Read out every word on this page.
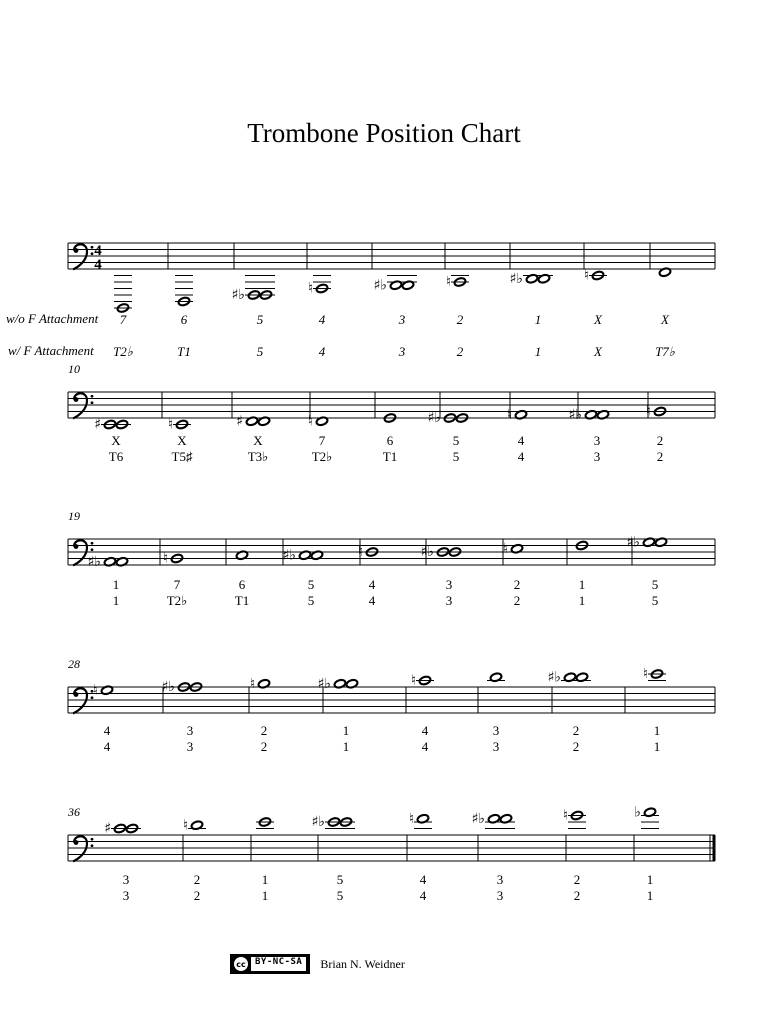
Trombone Position Chart
4
4
♯♭	♮	♯♭	♮	♯♭	♮
7	6	5	4	3	2	1	X	X
T2♭	T1	5	4	3	2	1	X	T7♭
10
♯	♮	♯	♮	♯♭	♮	♯♭	♮
X	X	X	7	6	5	4	3	2
T6	T5♯	T3♭	T2♭	T1	5	4	3	2
19
♯♭	♮	♯♭	♮	♯♭	♮	♯♭
1	7	6	5	4	3	2	1	5
1	T2♭	T1	5	4	3	2	1	5
28
♮	♯♭	♮	♯♭	♮	♯♭	♮
4	3	2	1	4	3	2	1
4	3	2	1	4	3	2	1
36
♯	♮	♯♭	♮	♯♭	♮	♭
3	2	1	5	4	3	2	1
3	2	1	5	4	3	2	1
w/o F Attachment
w/ F Attachment
cc	BY-NC-SA	Brian N. Weidner
